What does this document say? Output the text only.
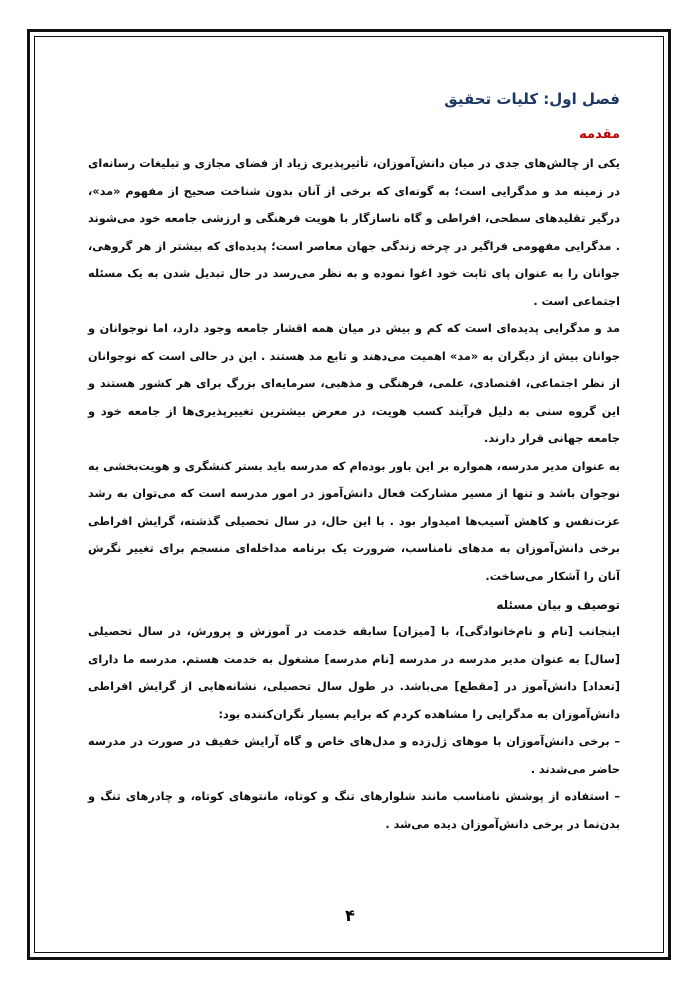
فصل اول: کلیات تحقیق
مقدمه

یکی از چالش‌های جدی در میان دانش‌آموزان، تأثیرپذیری زیاد از فضای مجازی و تبلیغات رسانه‌ای در زمینه مد و مدگرایی است؛ به گونه‌ای که برخی از آنان بدون شناخت صحیح از مفهوم «مد»، درگیر تقلیدهای سطحی، افراطی و گاه ناسازگار با هویت فرهنگی و ارزشی جامعه خود می‌شوند . مدگرایی مفهومی فراگیر در چرخه زندگی جهان معاصر است؛ پدیده‌ای که بیشتر از هر گروهی، جوانان را به عنوان پای ثابت خود اغوا نموده و به نظر می‌رسد در حال تبدیل شدن به یک مسئله اجتماعی است .

مد و مدگرایی پدیده‌ای است که کم و بیش در میان همه اقشار جامعه وجود دارد، اما نوجوانان و جوانان بیش از دیگران به «مد» اهمیت می‌دهند و تابع مد هستند . این در حالی است که نوجوانان از نظر اجتماعی، اقتصادی، علمی، فرهنگی و مذهبی، سرمایه‌ای بزرگ برای هر کشور هستند و این گروه سنی به دلیل فرآیند کسب هویت، در معرض بیشترین تغییرپذیری‌ها از جامعه خود و جامعه جهانی قرار دارند.

به عنوان مدیر مدرسه، همواره بر این باور بوده‌ام که مدرسه باید بستر کنشگری و هویت‌بخشی به نوجوان باشد و تنها از مسیر مشارکت فعال دانش‌آموز در امور مدرسه است که می‌توان به رشد عزت‌نفس و کاهش آسیب‌ها امیدوار بود . با این حال، در سال تحصیلی گذشته، گرایش افراطی برخی دانش‌آموزان به مدهای نامناسب، ضرورت یک برنامه مداخله‌ای منسجم برای تغییر نگرش آنان را آشکار می‌ساخت.

توصیف و بیان مسئله

اینجانب [نام و نام‌خانوادگی]، با [میزان] سابقه خدمت در آموزش و پرورش، در سال تحصیلی [سال] به عنوان مدیر مدرسه در مدرسه [نام مدرسه] مشغول به خدمت هستم. مدرسه ما دارای [تعداد] دانش‌آموز در [مقطع] می‌باشد. در طول سال تحصیلی، نشانه‌هایی از گرایش افراطی دانش‌آموزان به مدگرایی را مشاهده کردم که برایم بسیار نگران‌کننده بود:

– برخی دانش‌آموزان با موهای ژل‌زده و مدل‌های خاص و گاه آرایش خفیف در صورت در مدرسه حاضر می‌شدند .

– استفاده از پوشش نامناسب مانند شلوارهای تنگ و کوتاه، مانتوهای کوتاه، و چادرهای تنگ و بدن‌نما در برخی دانش‌آموزان دیده می‌شد .

۴
